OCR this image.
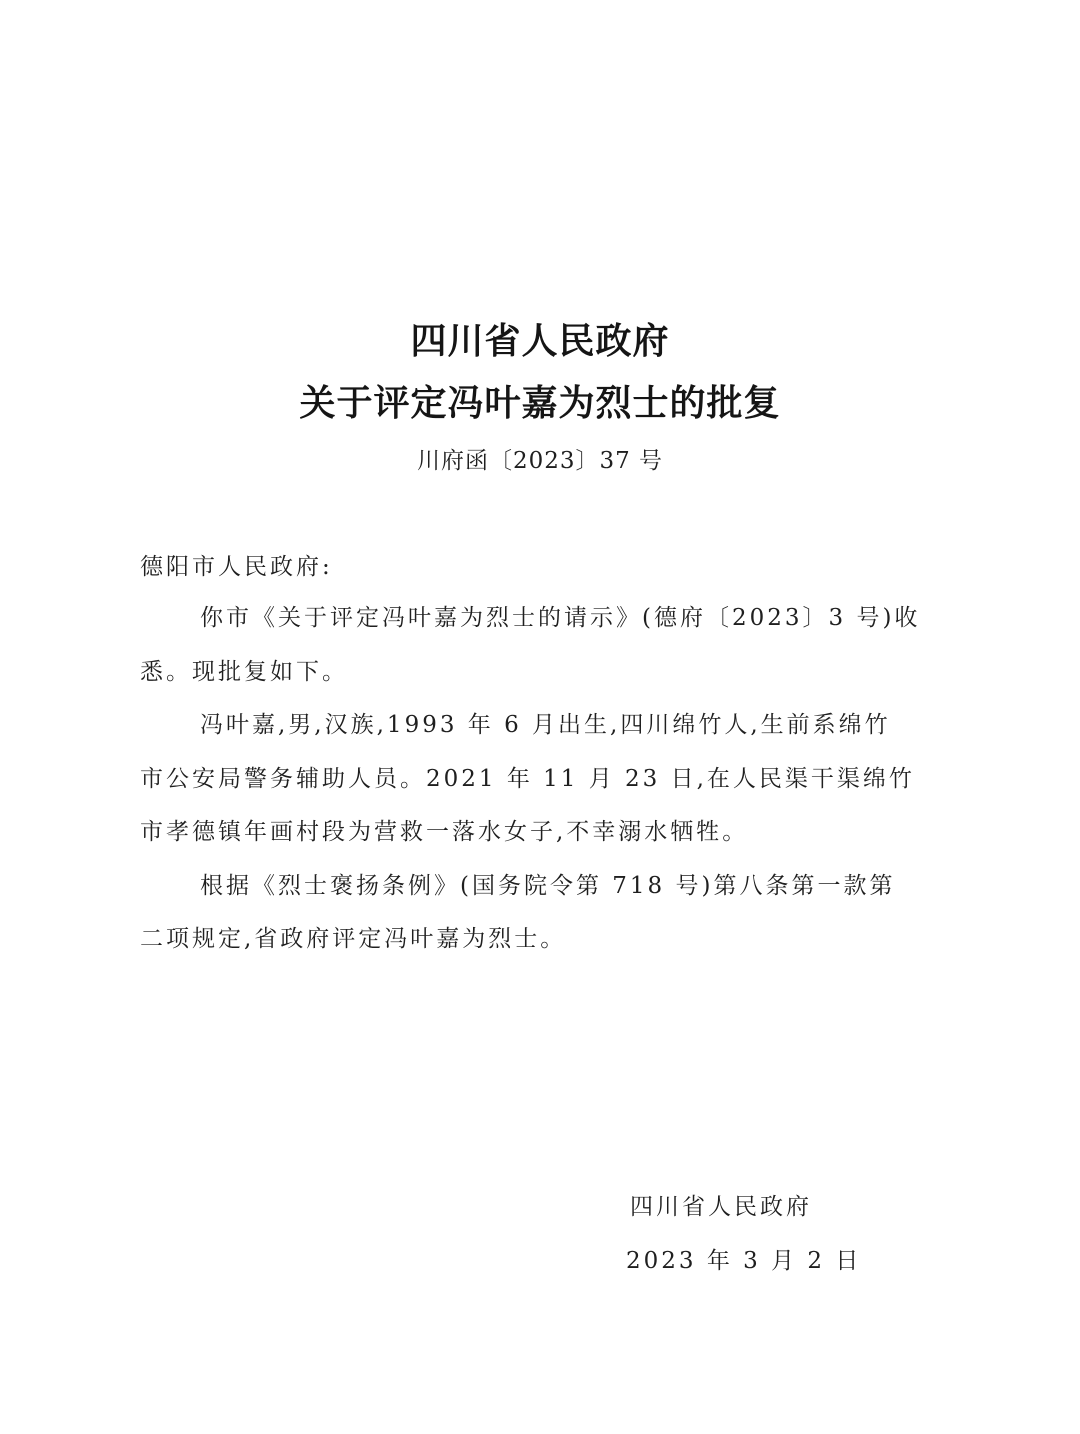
四川省人民政府
关于评定冯叶嘉为烈士的批复
川府函〔2023〕37 号

德阳市人民政府:

你市《关于评定冯叶嘉为烈士的请示》(德府〔2023〕3 号)收

悉。现批复如下。

冯叶嘉,男,汉族,1993 年 6 月出生,四川绵竹人,生前系绵竹

市公安局警务辅助人员。2021 年 11 月 23 日,在人民渠干渠绵竹

市孝德镇年画村段为营救一落水女子,不幸溺水牺牲。

根据《烈士褒扬条例》(国务院令第 718 号)第八条第一款第

二项规定,省政府评定冯叶嘉为烈士。

四川省人民政府
2023 年 3 月 2 日
